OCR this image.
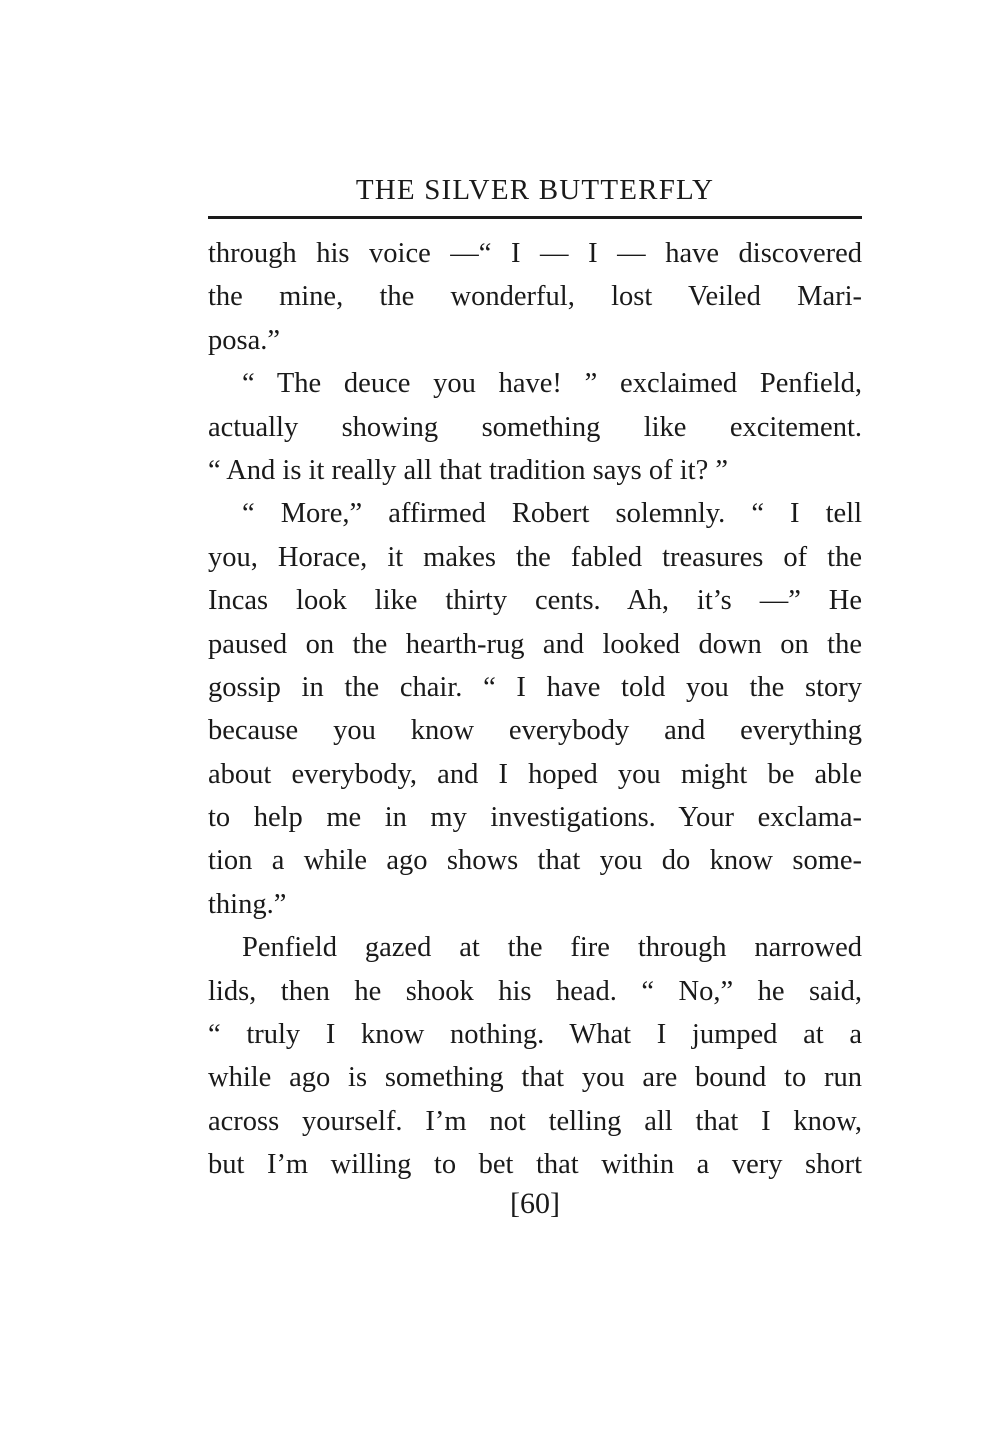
THE SILVER BUTTERFLY
through his voice —“ I — I — have discovered
the mine, the wonderful, lost Veiled Mari-
posa.”
“ The deuce you have! ” exclaimed Penfield,
actually showing something like excitement.
“ And is it really all that tradition says of it? ”
“ More,” affirmed Robert solemnly. “ I tell
you, Horace, it makes the fabled treasures of the
Incas look like thirty cents. Ah, it’s —” He
paused on the hearth-rug and looked down on the
gossip in the chair. “ I have told you the story
because you know everybody and everything
about everybody, and I hoped you might be able
to help me in my investigations. Your exclama-
tion a while ago shows that you do know some-
thing.”
Penfield gazed at the fire through narrowed
lids, then he shook his head. “ No,” he said,
“ truly I know nothing. What I jumped at a
while ago is something that you are bound to run
across yourself. I’m not telling all that I know,
but I’m willing to bet that within a very short
[60]
